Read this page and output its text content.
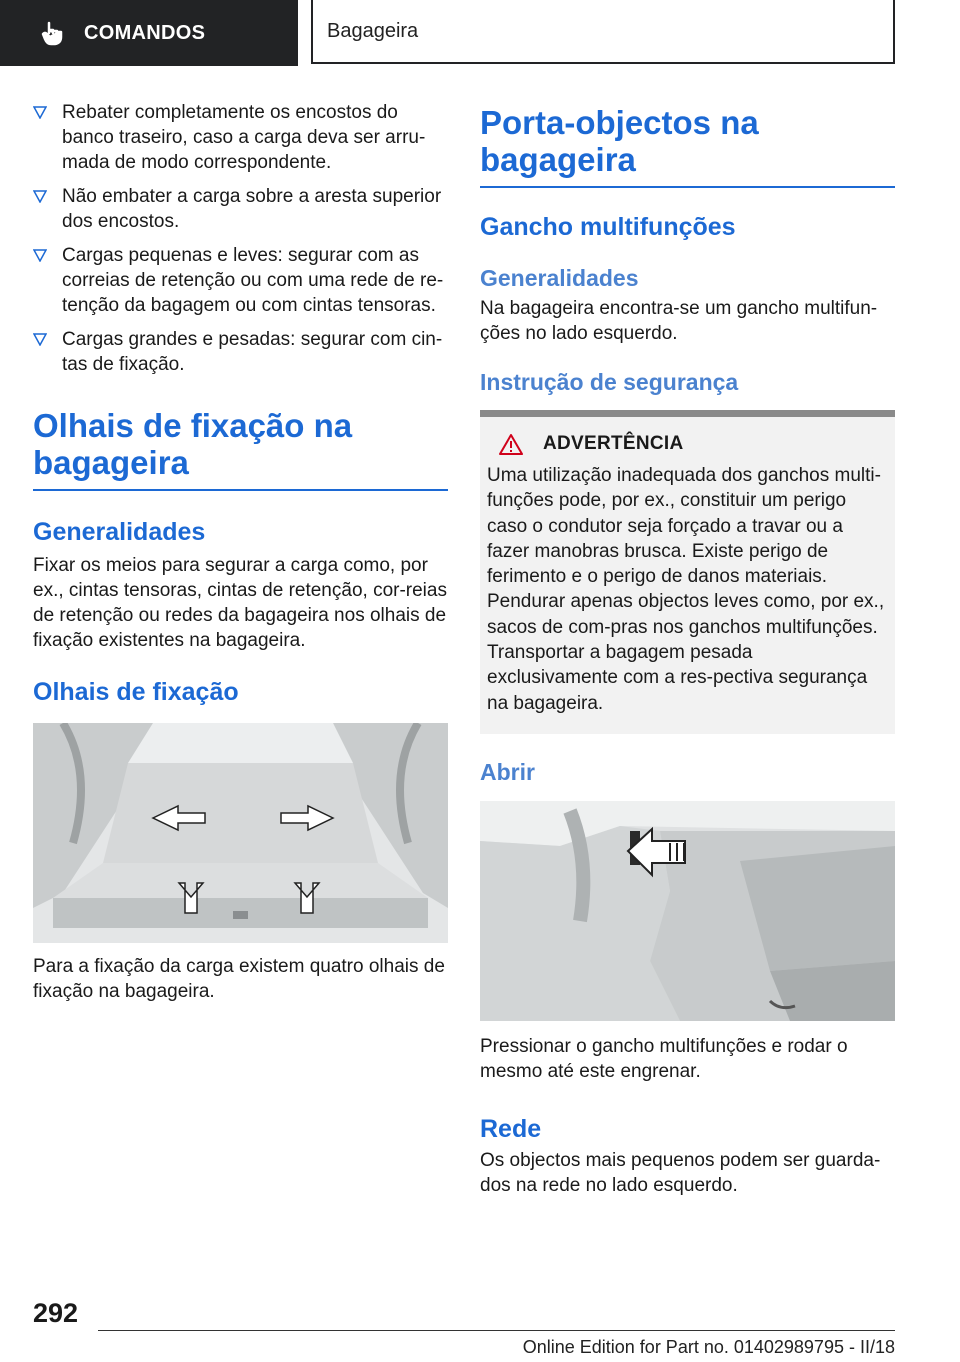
COMANDOS	Bagageira
Rebater completamente os encostos do banco traseiro, caso a carga deva ser arru-mada de modo correspondente.
Não embater a carga sobre a aresta superior dos encostos.
Cargas pequenas e leves: segurar com as correias de retenção ou com uma rede de re-tenção da bagagem ou com cintas tensoras.
Cargas grandes e pesadas: segurar com cin-tas de fixação.
Olhais de fixação na bagageira
Generalidades

Fixar os meios para segurar a carga como, por ex., cintas tensoras, cintas de retenção, cor-reias de retenção ou redes da bagageira nos olhais de fixação existentes na bagageira.

Olhais de fixação

Para a fixação da carga existem quatro olhais de fixação na bagageira.

Porta-objectos na bagageira
Gancho multifunções
Generalidades

Na bagageira encontra-se um gancho multifun-ções no lado esquerdo.

Instrução de segurança
ADVERTÊNCIA

Uma utilização inadequada dos ganchos multi-funções pode, por ex., constituir um perigo caso o condutor seja forçado a travar ou a fazer manobras brusca. Existe perigo de ferimento e o perigo de danos materiais. Pendurar apenas objectos leves como, por ex., sacos de com-pras nos ganchos multifunções. Transportar a bagagem pesada exclusivamente com a res-pectiva segurança na bagageira.

Abrir

Pressionar o gancho multifunções e rodar o mesmo até este engrenar.

Rede

Os objectos mais pequenos podem ser guarda-dos na rede no lado esquerdo.

292
Online Edition for Part no. 01402989795 - II/18
